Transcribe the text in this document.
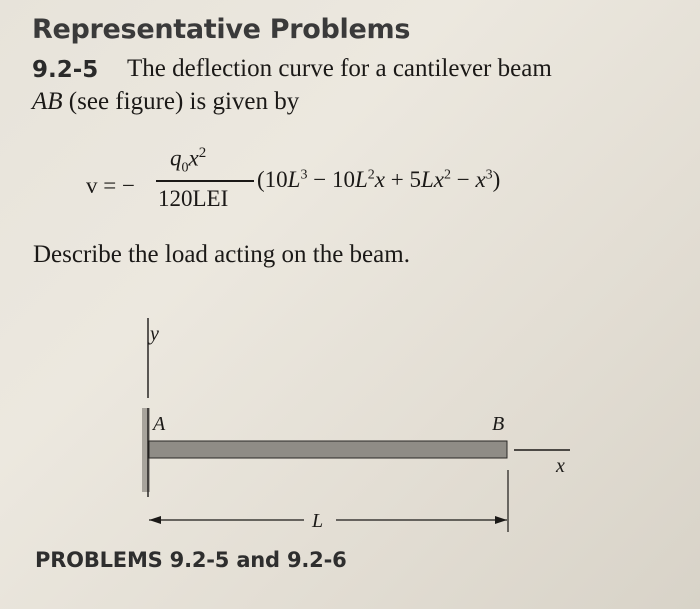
Representative Problems
9.2-5 The deflection curve for a cantilever beam
AB (see figure) is given by
v = −
$q_0x^2$
120LEI
$(10L^3 - 10L^2x + 5Lx^2 - x^3)$
Describe the load acting on the beam.
y
A	B
x
L
PROBLEMS 9.2-5 and 9.2-6
